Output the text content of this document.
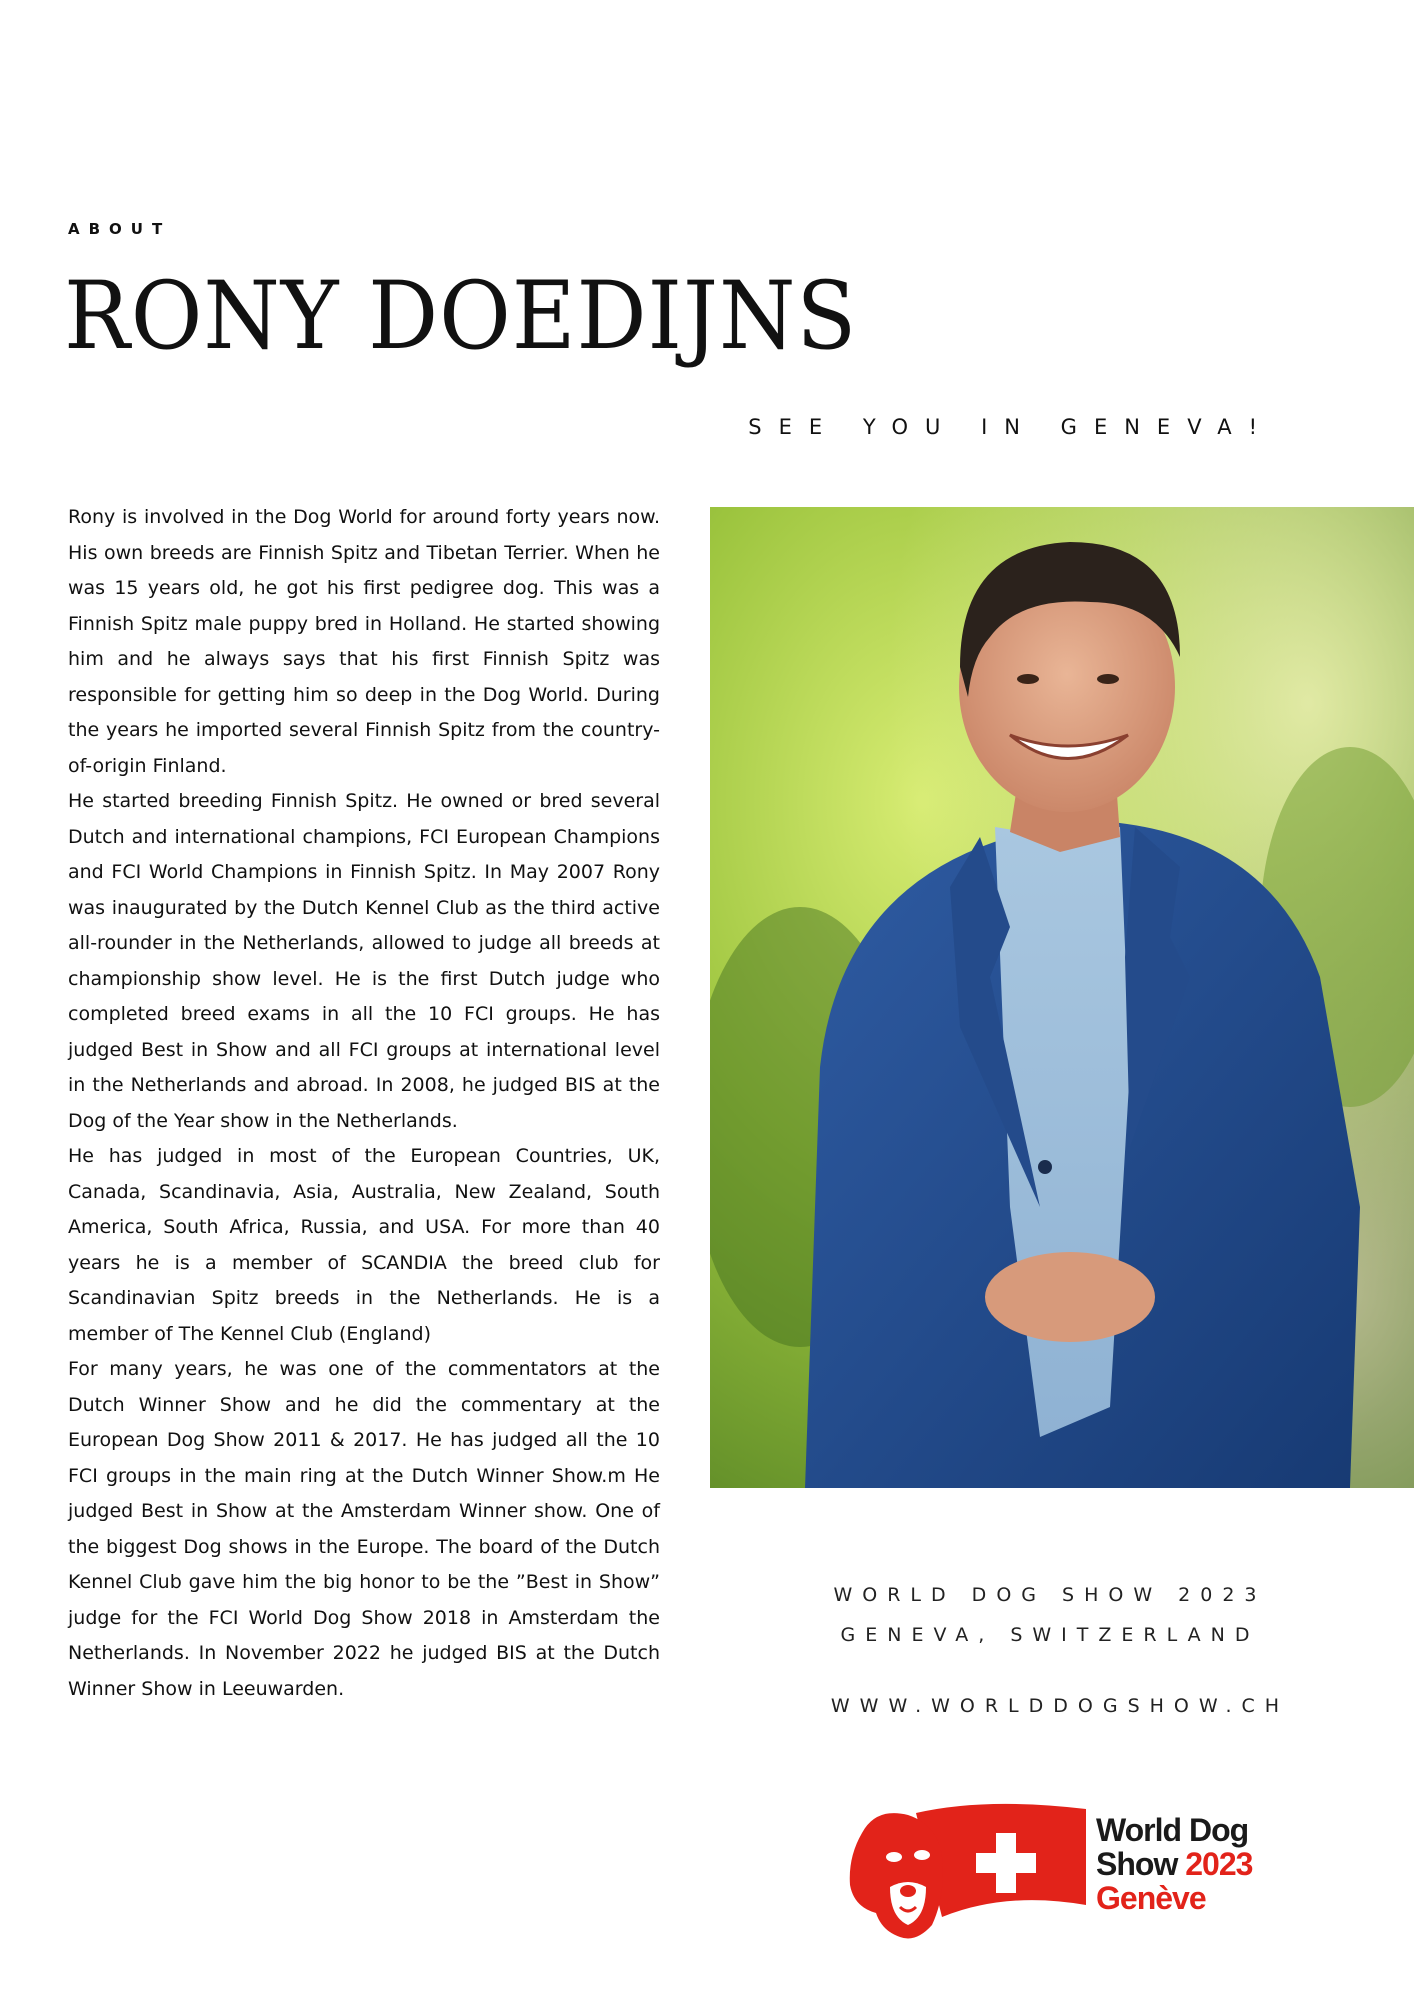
ABOUT
RONY DOEDIJNS
SEE YOU IN GENEVA!

Rony is involved in the Dog World for around forty years now. His own breeds are Finnish Spitz and Tibetan Terrier. When he was 15 years old, he got his first pedigree dog. This was a Finnish Spitz male puppy bred in Holland. He started showing him and he always says that his first Finnish Spitz was responsible for getting him so deep in the Dog World. During the years he imported several Finnish Spitz from the country-of-origin Finland.

He started breeding Finnish Spitz. He owned or bred several Dutch and international champions, FCI European Champions and FCI World Champions in Finnish Spitz. In May 2007 Rony was inaugurated by the Dutch Kennel Club as the third active all-rounder in the Netherlands, allowed to judge all breeds at championship show level. He is the first Dutch judge who completed breed exams in all the 10 FCI groups. He has judged Best in Show and all FCI groups at international level in the Netherlands and abroad. In 2008, he judged BIS at the Dog of the Year show in the Netherlands.

He has judged in most of the European Countries, UK, Canada, Scandinavia, Asia, Australia, New Zealand, South America, South Africa, Russia, and USA. For more than 40 years he is a member of SCANDIA the breed club for Scandinavian Spitz breeds in the Netherlands. He is a member of The Kennel Club (England)

For many years, he was one of the commentators at the Dutch Winner Show and he did the commentary at the European Dog Show 2011 & 2017. He has judged all the 10 FCI groups in the main ring at the Dutch Winner Show.m He judged Best in Show at the Amsterdam Winner show. One of the biggest Dog shows in the Europe. The board of the Dutch Kennel Club gave him the big honor to be the ”Best in Show” judge for the FCI World Dog Show 2018 in Amsterdam the Netherlands. In November 2022 he judged BIS at the Dutch Winner Show in Leeuwarden.

WORLD DOG SHOW 2023
GENEVA, SWITZERLAND
WWW.WORLDDOGSHOW.CH
World Dog
Show 2023
Genève
